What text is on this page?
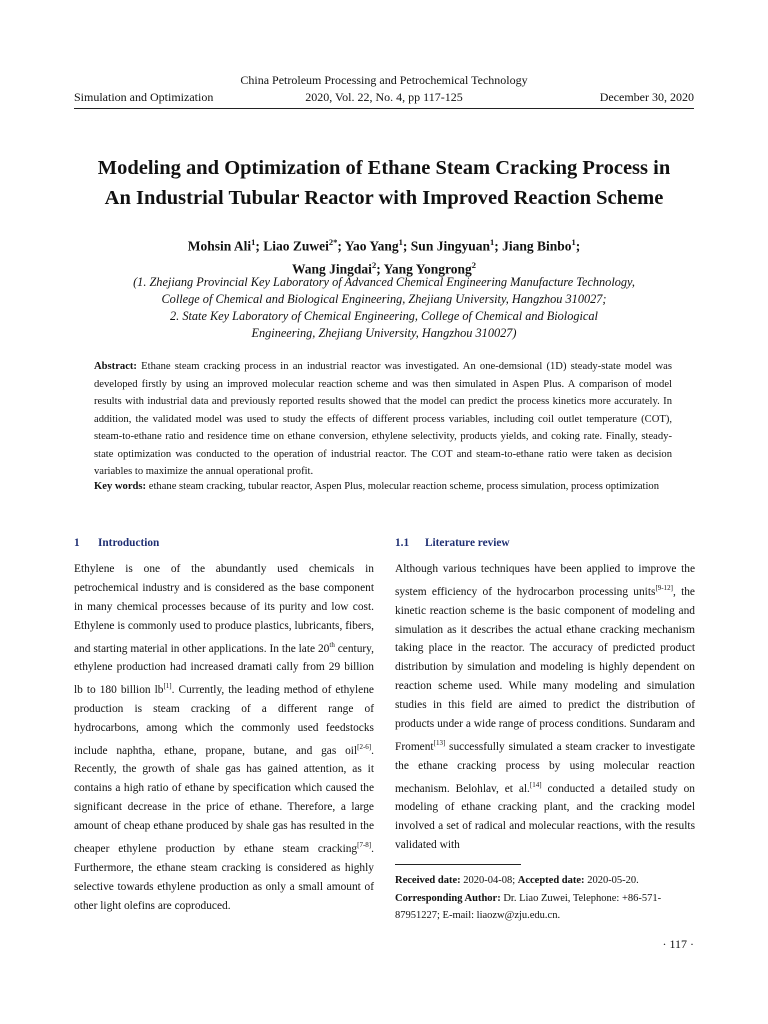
China Petroleum Processing and Petrochemical Technology
Simulation and Optimization	2020, Vol. 22, No. 4, pp 117-125	December 30, 2020
Modeling and Optimization of Ethane Steam Cracking Process in
An Industrial Tubular Reactor with Improved Reaction Scheme
Mohsin Ali$^1$; Liao Zuwei$^{2*}$; Yao Yang$^1$; Sun Jingyuan$^1$; Jiang Binbo$^1$;
Wang Jingdai$^2$; Yang Yongrong$^2$
(1. Zhejiang Provincial Key Laboratory of Advanced Chemical Engineering Manufacture Technology,
College of Chemical and Biological Engineering, Zhejiang University, Hangzhou 310027;
2. State Key Laboratory of Chemical Engineering, College of Chemical and Biological
Engineering, Zhejiang University, Hangzhou 310027)
Abstract: Ethane steam cracking process in an industrial reactor was investigated. An one-demsional (1D) steady-state model was developed firstly by using an improved molecular reaction scheme and was then simulated in Aspen Plus. A comparison of model results with industrial data and previously reported results showed that the model can predict the process kinetics more accurately. In addition, the validated model was used to study the effects of different process variables, including coil outlet temperature (COT), steam-to-ethane ratio and residence time on ethane conversion, ethylene selectivity, products yields, and coking rate. Finally, steady-state optimization was conducted to the operation of industrial reactor. The COT and steam-to-ethane ratio were taken as decision variables to maximize the annual operational profit.
Key words: ethane steam cracking, tubular reactor, Aspen Plus, molecular reaction scheme, process simulation, process optimization
1 Introduction	1.1 Literature review
Ethylene is one of the abundantly used chemicals in petrochemical industry and is considered as the base component in many chemical processes because of its purity and low cost. Ethylene is commonly used to produce plastics, lubricants, fibers, and starting material in other applications. In the late 20th century, ethylene production had increased dramati cally from 29 billion lb to 180 billion lb[1]. Currently, the leading method of ethylene production is steam cracking of a different range of hydrocarbons, among which the commonly used feedstocks include naphtha, ethane, propane, butane, and gas oil[2-6]. Recently, the growth of shale gas has gained attention, as it contains a high ratio of ethane by specification which caused the significant decrease in the price of ethane. Therefore, a large amount of cheap ethane produced by shale gas has resulted in the cheaper ethylene production by ethane steam cracking[7-8]. Furthermore, the ethane steam cracking is considered as highly selective towards ethylene production as only a small amount of other light olefins are coproduced.
Although various techniques have been applied to improve the system efficiency of the hydrocarbon processing units[9-12], the kinetic reaction scheme is the basic component of modeling and simulation as it describes the actual ethane cracking mechanism taking place in the reactor. The accuracy of predicted product distribution by simulation and modeling is highly dependent on reaction scheme used. While many modeling and simulation studies in this field are aimed to predict the distribution of products under a wide range of process conditions. Sundaram and Froment[13] successfully simulated a steam cracker to investigate the ethane cracking process by using molecular reaction mechanism. Belohlav, et al.[14] conducted a detailed study on modeling of ethane cracking plant, and the cracking model involved a set of radical and molecular reactions, with the results validated with
Received date: 2020-04-08; Accepted date: 2020-05-20.
Corresponding Author: Dr. Liao Zuwei, Telephone: +86-571-87951227; E-mail: liaozw@zju.edu.cn.
· 117 ·
